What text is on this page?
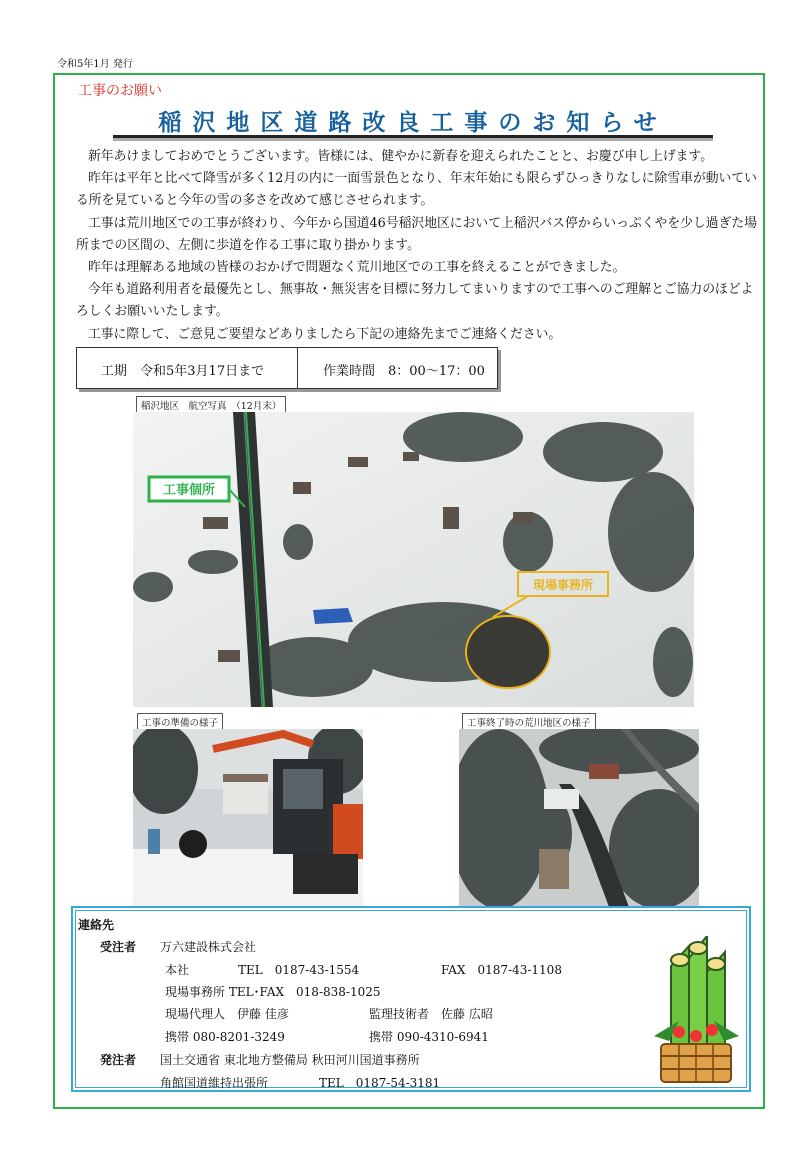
令和5年1月 発行
工事のお願い
稲沢地区道路改良工事のお知らせ

新年あけましておめでとうございます。皆様には、健やかに新春を迎えられたことと、お慶び申し上げます。

昨年は平年と比べて降雪が多く12月の内に一面雪景色となり、年末年始にも限らずひっきりなしに除雪車が動いている所を見ていると今年の雪の多さを改めて感じさせられます。

工事は荒川地区での工事が終わり、今年から国道46号稲沢地区において上稲沢バス停からいっぷくやを少し過ぎた場所までの区間の、左側に歩道を作る工事に取り掛かります。

昨年は理解ある地域の皆様のおかげで問題なく荒川地区での工事を終えることができました。

今年も道路利用者を最優先とし、無事故・無災害を目標に努力してまいりますので工事へのご理解とご協力のほどよろしくお願いいたします。

工事に際して、ご意見ご要望などありましたら下記の連絡先までご連絡ください。

工期　令和5年3月17日まで	作業時間　8：00～17：00
稲沢地区　航空写真　（12月末）
工事個所
現場事務所
工事の準備の様子	工事終了時の荒川地区の様子
連絡先
受注者 万六建設株式会社
本社	TEL　0187-43-1554	FAX　0187-43-1108
現場事務所 TEL･FAX　018-838-1025
現場代理人　伊藤 佳彦	監理技術者　佐藤 広昭
携帯 080-8201-3249	携帯 090-4310-6941
発注者 国土交通省 東北地方整備局 秋田河川国道事務所
角館国道維持出張所	TEL　0187-54-3181
